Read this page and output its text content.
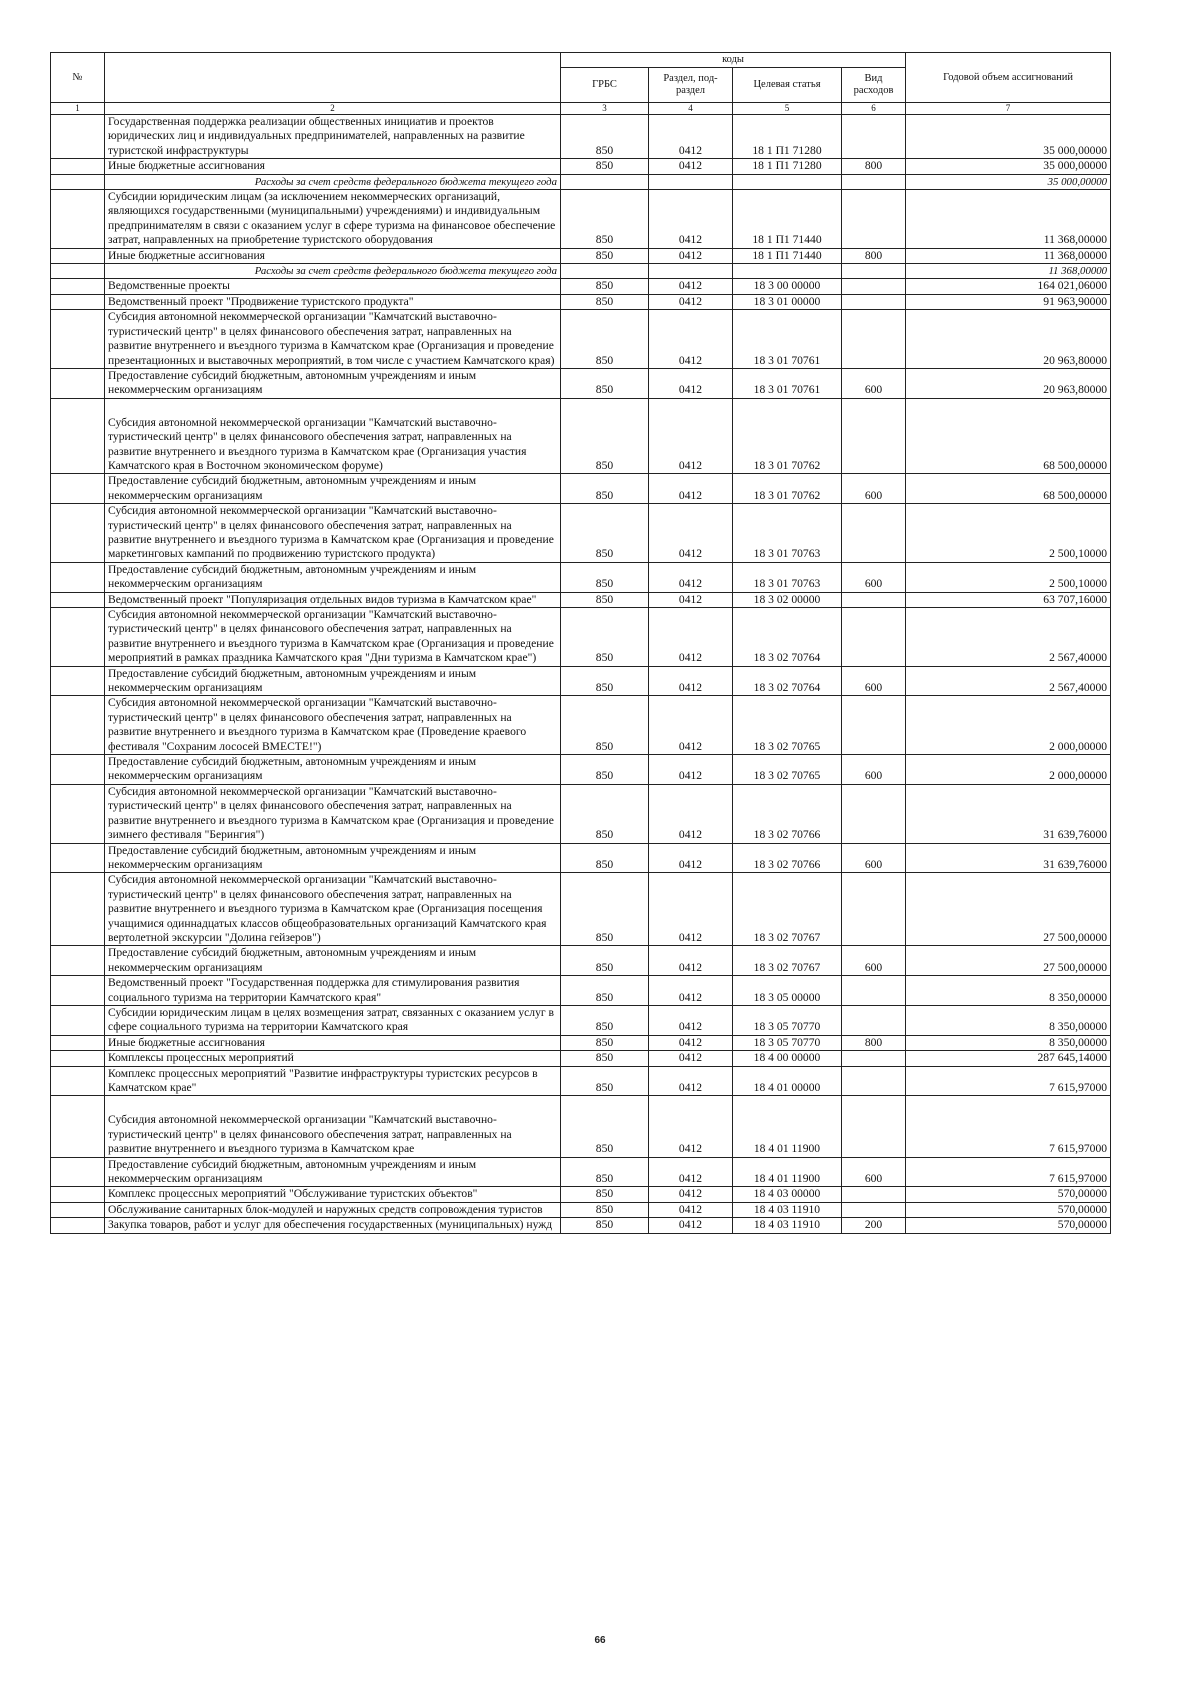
№		коды				Годовой объем ассигнований
		ГРБС	Раздел, под-раздел	Целевая статья	Вид расходов	
1	2	3	4	5	6	7
	Государственная поддержка реализации общественных инициатив и проектов юридических лиц и индивидуальных предпринимателей, направленных на развитие туристской инфраструктуры	850	0412	18 1 П1 71280		35 000,00000
	Иные бюджетные ассигнования	850	0412	18 1 П1 71280	800	35 000,00000
	Расходы за счет средств федерального бюджета текущего года					35 000,00000
	Субсидии юридическим лицам (за исключением некоммерческих организаций, являющихся государственными (муниципальными) учреждениями) и индивидуальным предпринимателям в связи с оказанием услуг в сфере туризма на финансовое обеспечение затрат, направленных на приобретение туристского оборудования	850	0412	18 1 П1 71440		11 368,00000
	Иные бюджетные ассигнования	850	0412	18 1 П1 71440	800	11 368,00000
	Расходы за счет средств федерального бюджета текущего года					11 368,00000
	Ведомственные проекты	850	0412	18 3 00 00000		164 021,06000
	Ведомственный проект "Продвижение туристского продукта"	850	0412	18 3 01 00000		91 963,90000
	Субсидия автономной некоммерческой организации "Камчатский выставочно-туристический центр" в целях финансового обеспечения затрат, направленных на развитие внутреннего и въездного туризма в Камчатском крае (Организация и проведение презентационных и выставочных мероприятий, в том числе с участием Камчатского края)	850	0412	18 3 01 70761		20 963,80000
	Предоставление субсидий бюджетным, автономным учреждениям и иным некоммерческим организациям	850	0412	18 3 01 70761	600	20 963,80000
	Субсидия автономной некоммерческой организации "Камчатский выставочно-туристический центр" в целях финансового обеспечения затрат, направленных на развитие внутреннего и въездного туризма в Камчатском крае (Организация участия Камчатского края в Восточном экономическом форуме)	850	0412	18 3 01 70762		68 500,00000
	Предоставление субсидий бюджетным, автономным учреждениям и иным некоммерческим организациям	850	0412	18 3 01 70762	600	68 500,00000
	Субсидия автономной некоммерческой организации "Камчатский выставочно-туристический центр" в целях финансового обеспечения затрат, направленных на развитие внутреннего и въездного туризма в Камчатском крае (Организация и проведение маркетинговых кампаний по продвижению туристского продукта)	850	0412	18 3 01 70763		2 500,10000
	Предоставление субсидий бюджетным, автономным учреждениям и иным некоммерческим организациям	850	0412	18 3 01 70763	600	2 500,10000
	Ведомственный проект "Популяризация отдельных видов туризма в Камчатском крае"	850	0412	18 3 02 00000		63 707,16000
	Субсидия автономной некоммерческой организации "Камчатский выставочно-туристический центр" в целях финансового обеспечения затрат, направленных на развитие внутреннего и въездного туризма в Камчатском крае (Организация и проведение мероприятий в рамках праздника Камчатского края "Дни туризма в Камчатском крае")	850	0412	18 3 02 70764		2 567,40000
	Предоставление субсидий бюджетным, автономным учреждениям и иным некоммерческим организациям	850	0412	18 3 02 70764	600	2 567,40000
	Субсидия автономной некоммерческой организации "Камчатский выставочно-туристический центр" в целях финансового обеспечения затрат, направленных на развитие внутреннего и въездного туризма в Камчатском крае (Проведение краевого фестиваля "Сохраним лососей ВМЕСТЕ!")	850	0412	18 3 02 70765		2 000,00000
	Предоставление субсидий бюджетным, автономным учреждениям и иным некоммерческим организациям	850	0412	18 3 02 70765	600	2 000,00000
	Субсидия автономной некоммерческой организации "Камчатский выставочно-туристический центр" в целях финансового обеспечения затрат, направленных на развитие внутреннего и въездного туризма в Камчатском крае (Организация и проведение зимнего фестиваля "Берингия")	850	0412	18 3 02 70766		31 639,76000
	Предоставление субсидий бюджетным, автономным учреждениям и иным некоммерческим организациям	850	0412	18 3 02 70766	600	31 639,76000
	Субсидия автономной некоммерческой организации "Камчатский выставочно-туристический центр" в целях финансового обеспечения затрат, направленных на развитие внутреннего и въездного туризма в Камчатском крае (Организация посещения учащимися одиннадцатых классов общеобразовательных организаций Камчатского края вертолетной экскурсии "Долина гейзеров")	850	0412	18 3 02 70767		27 500,00000
	Предоставление субсидий бюджетным, автономным учреждениям и иным некоммерческим организациям	850	0412	18 3 02 70767	600	27 500,00000
	Ведомственный проект "Государственная поддержка для стимулирования развития социального туризма на территории Камчатского края"	850	0412	18 3 05 00000		8 350,00000
	Субсидии юридическим лицам в целях возмещения затрат, связанных с оказанием услуг в сфере социального туризма на территории Камчатского края	850	0412	18 3 05 70770		8 350,00000
	Иные бюджетные ассигнования	850	0412	18 3 05 70770	800	8 350,00000
	Комплексы процессных мероприятий	850	0412	18 4 00 00000		287 645,14000
	Комплекс процессных мероприятий "Развитие инфраструктуры туристских ресурсов в Камчатском крае"	850	0412	18 4 01 00000		7 615,97000
	Субсидия автономной некоммерческой организации "Камчатский выставочно-туристический центр" в целях финансового обеспечения затрат, направленных на развитие внутреннего и въездного туризма в Камчатском крае	850	0412	18 4 01 11900		7 615,97000
	Предоставление субсидий бюджетным, автономным учреждениям и иным некоммерческим организациям	850	0412	18 4 01 11900	600	7 615,97000
	Комплекс процессных мероприятий "Обслуживание туристских объектов"	850	0412	18 4 03 00000		570,00000
	Обслуживание санитарных блок-модулей и наружных средств сопровождения туристов	850	0412	18 4 03 11910		570,00000
	Закупка товаров, работ и услуг для обеспечения государственных (муниципальных) нужд	850	0412	18 4 03 11910	200	570,00000
66
